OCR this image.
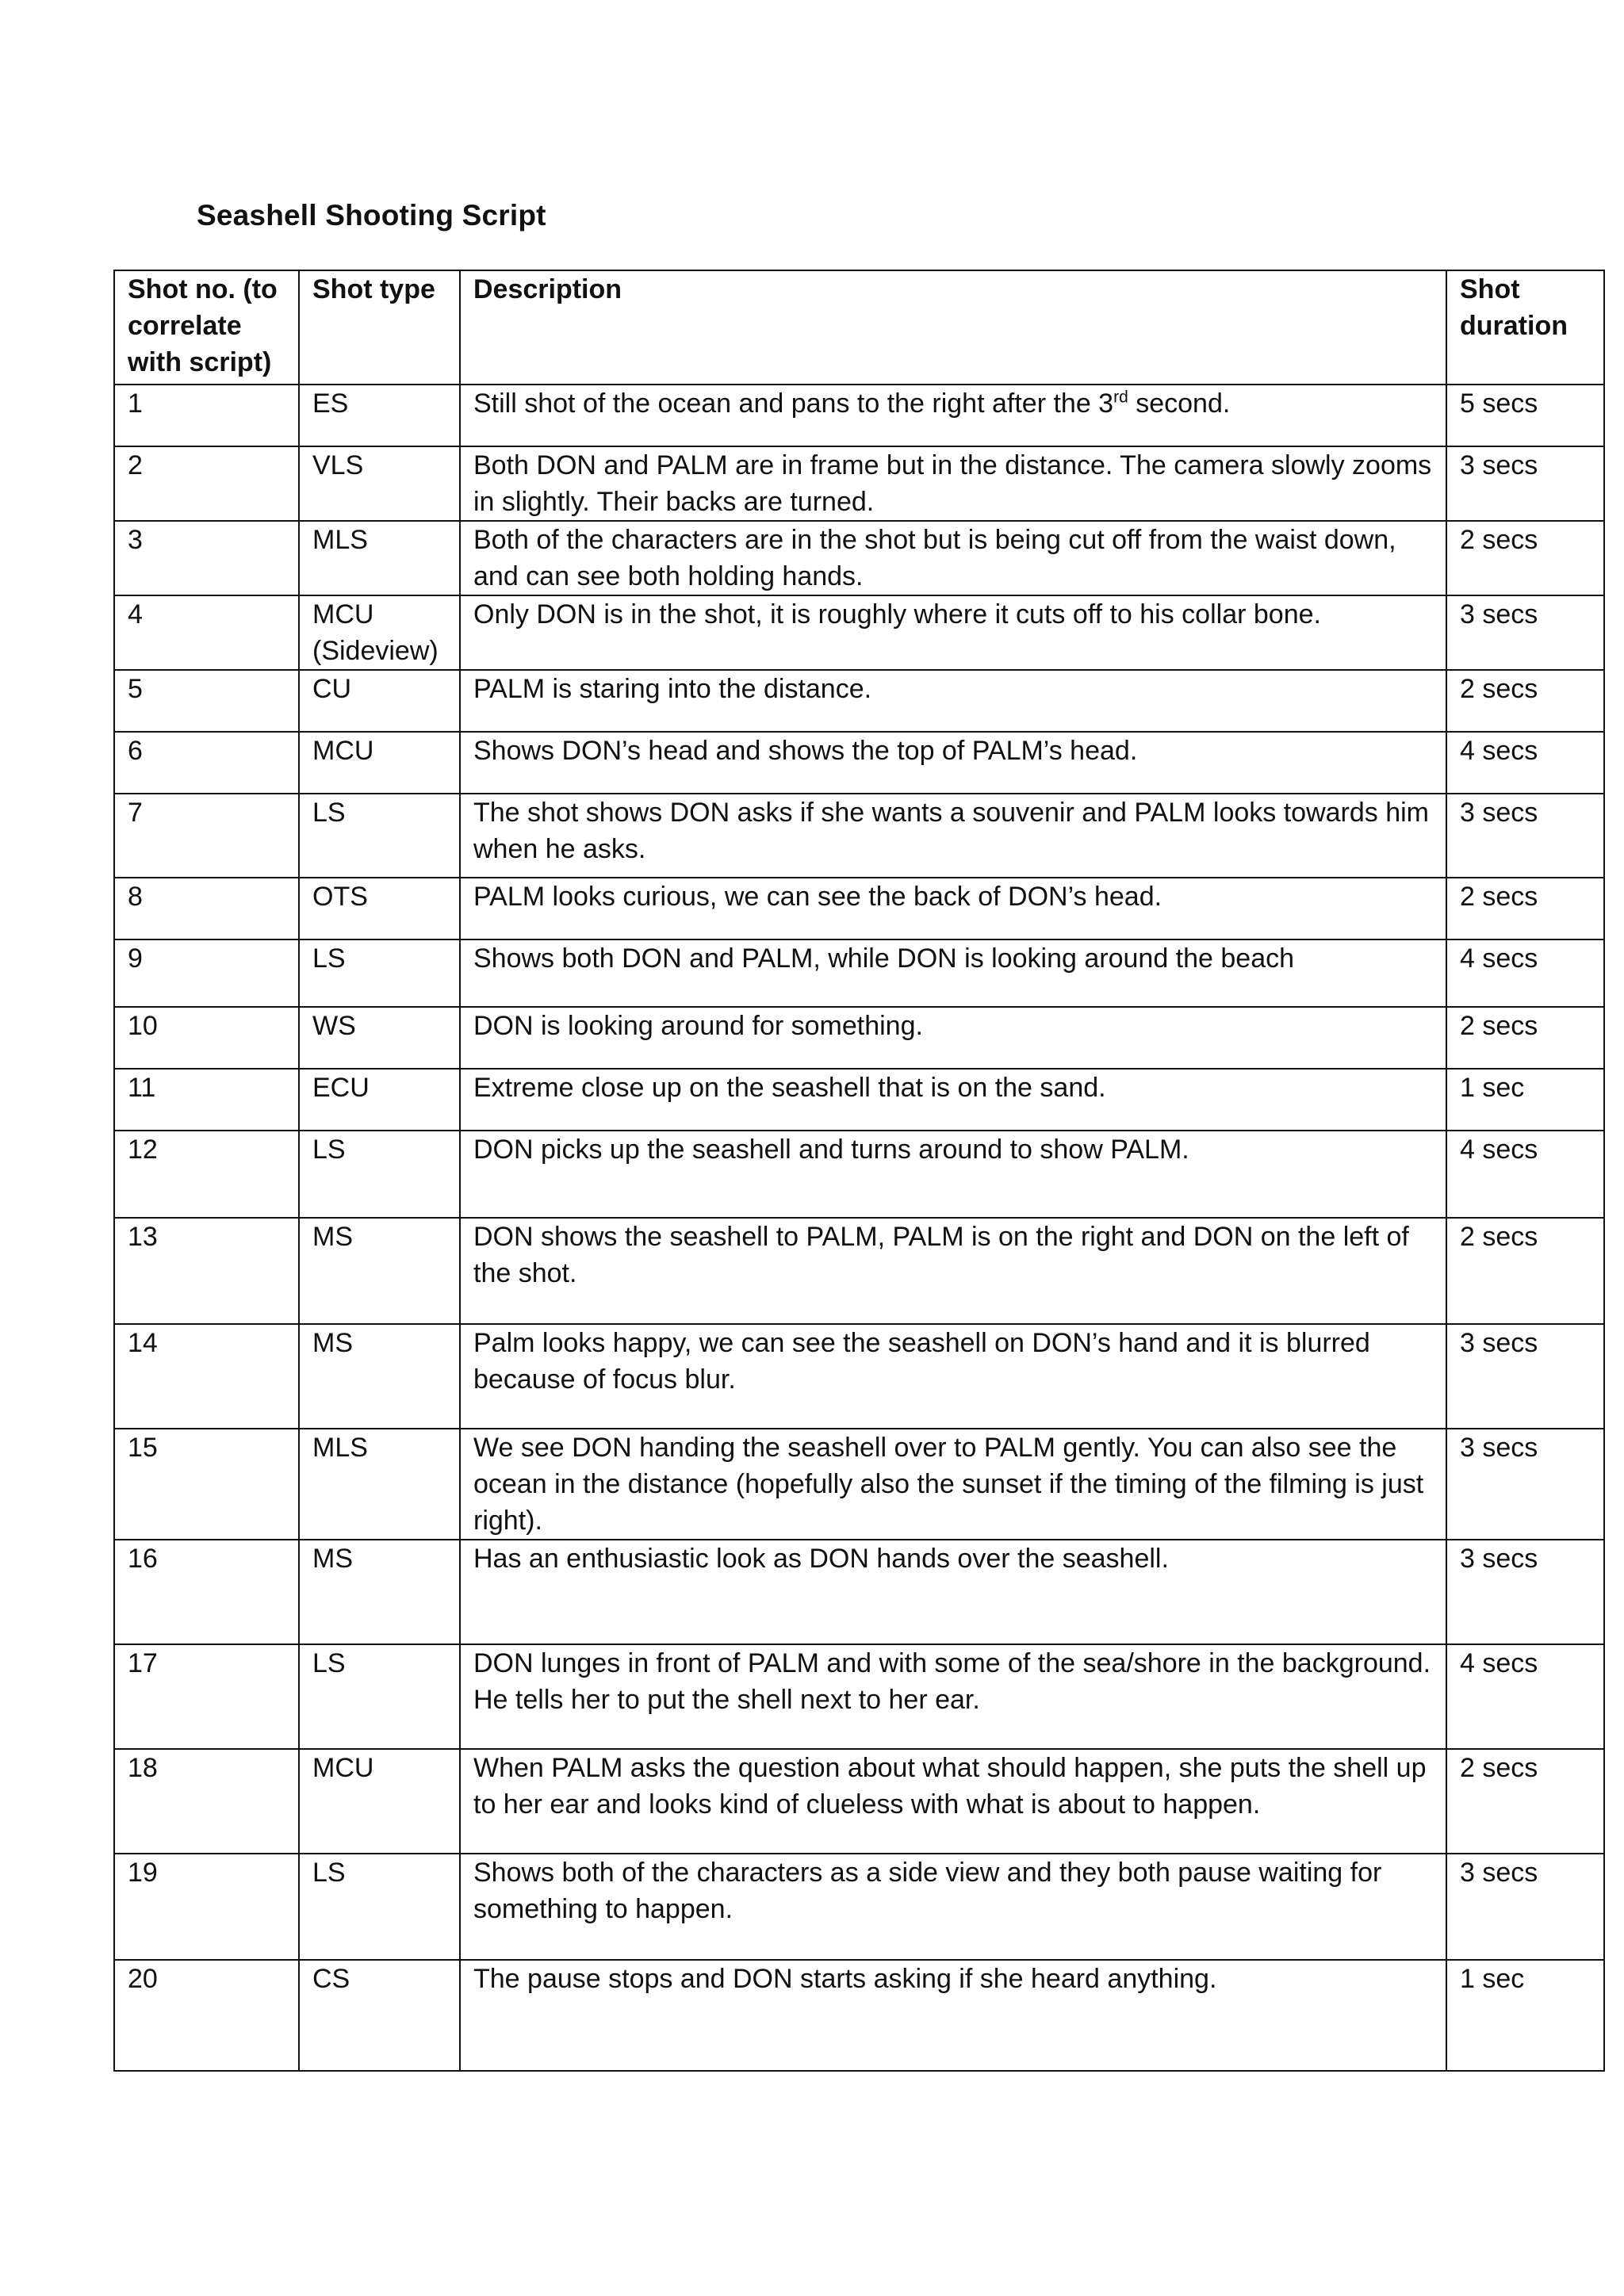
Seashell Shooting Script
Shot no. (to correlate with script)	Shot type	Description	Shot duration
1	ES	Still shot of the ocean and pans to the right after the 3rd second.	5 secs
2	VLS	Both DON and PALM are in frame but in the distance. The camera slowly zooms in slightly. Their backs are turned.	3 secs
3	MLS	Both of the characters are in the shot but is being cut off from the waist down, and can see both holding hands.	2 secs
4	MCU (Sideview)	Only DON is in the shot, it is roughly where it cuts off to his collar bone.	3 secs
5	CU	PALM is staring into the distance.	2 secs
6	MCU	Shows DON’s head and shows the top of PALM’s head.	4 secs
7	LS	The shot shows DON asks if she wants a souvenir and PALM looks towards him when he asks.	3 secs
8	OTS	PALM looks curious, we can see the back of DON’s head.	2 secs
9	LS	Shows both DON and PALM, while DON is looking around the beach	4 secs
10	WS	DON is looking around for something.	2 secs
11	ECU	Extreme close up on the seashell that is on the sand.	1 sec
12	LS	DON picks up the seashell and turns around to show PALM.	4 secs
13	MS	DON shows the seashell to PALM, PALM is on the right and DON on the left of the shot.	2 secs
14	MS	Palm looks happy, we can see the seashell on DON’s hand and it is blurred because of focus blur.	3 secs
15	MLS	We see DON handing the seashell over to PALM gently. You can also see the ocean in the distance (hopefully also the sunset if the timing of the filming is just right).	3 secs
16	MS	Has an enthusiastic look as DON hands over the seashell.	3 secs
17	LS	DON lunges in front of PALM and with some of the sea/shore in the background. He tells her to put the shell next to her ear.	4 secs
18	MCU	When PALM asks the question about what should happen, she puts the shell up to her ear and looks kind of clueless with what is about to happen.	2 secs
19	LS	Shows both of the characters as a side view and they both pause waiting for something to happen.	3 secs
20	CS	The pause stops and DON starts asking if she heard anything.	1 sec
